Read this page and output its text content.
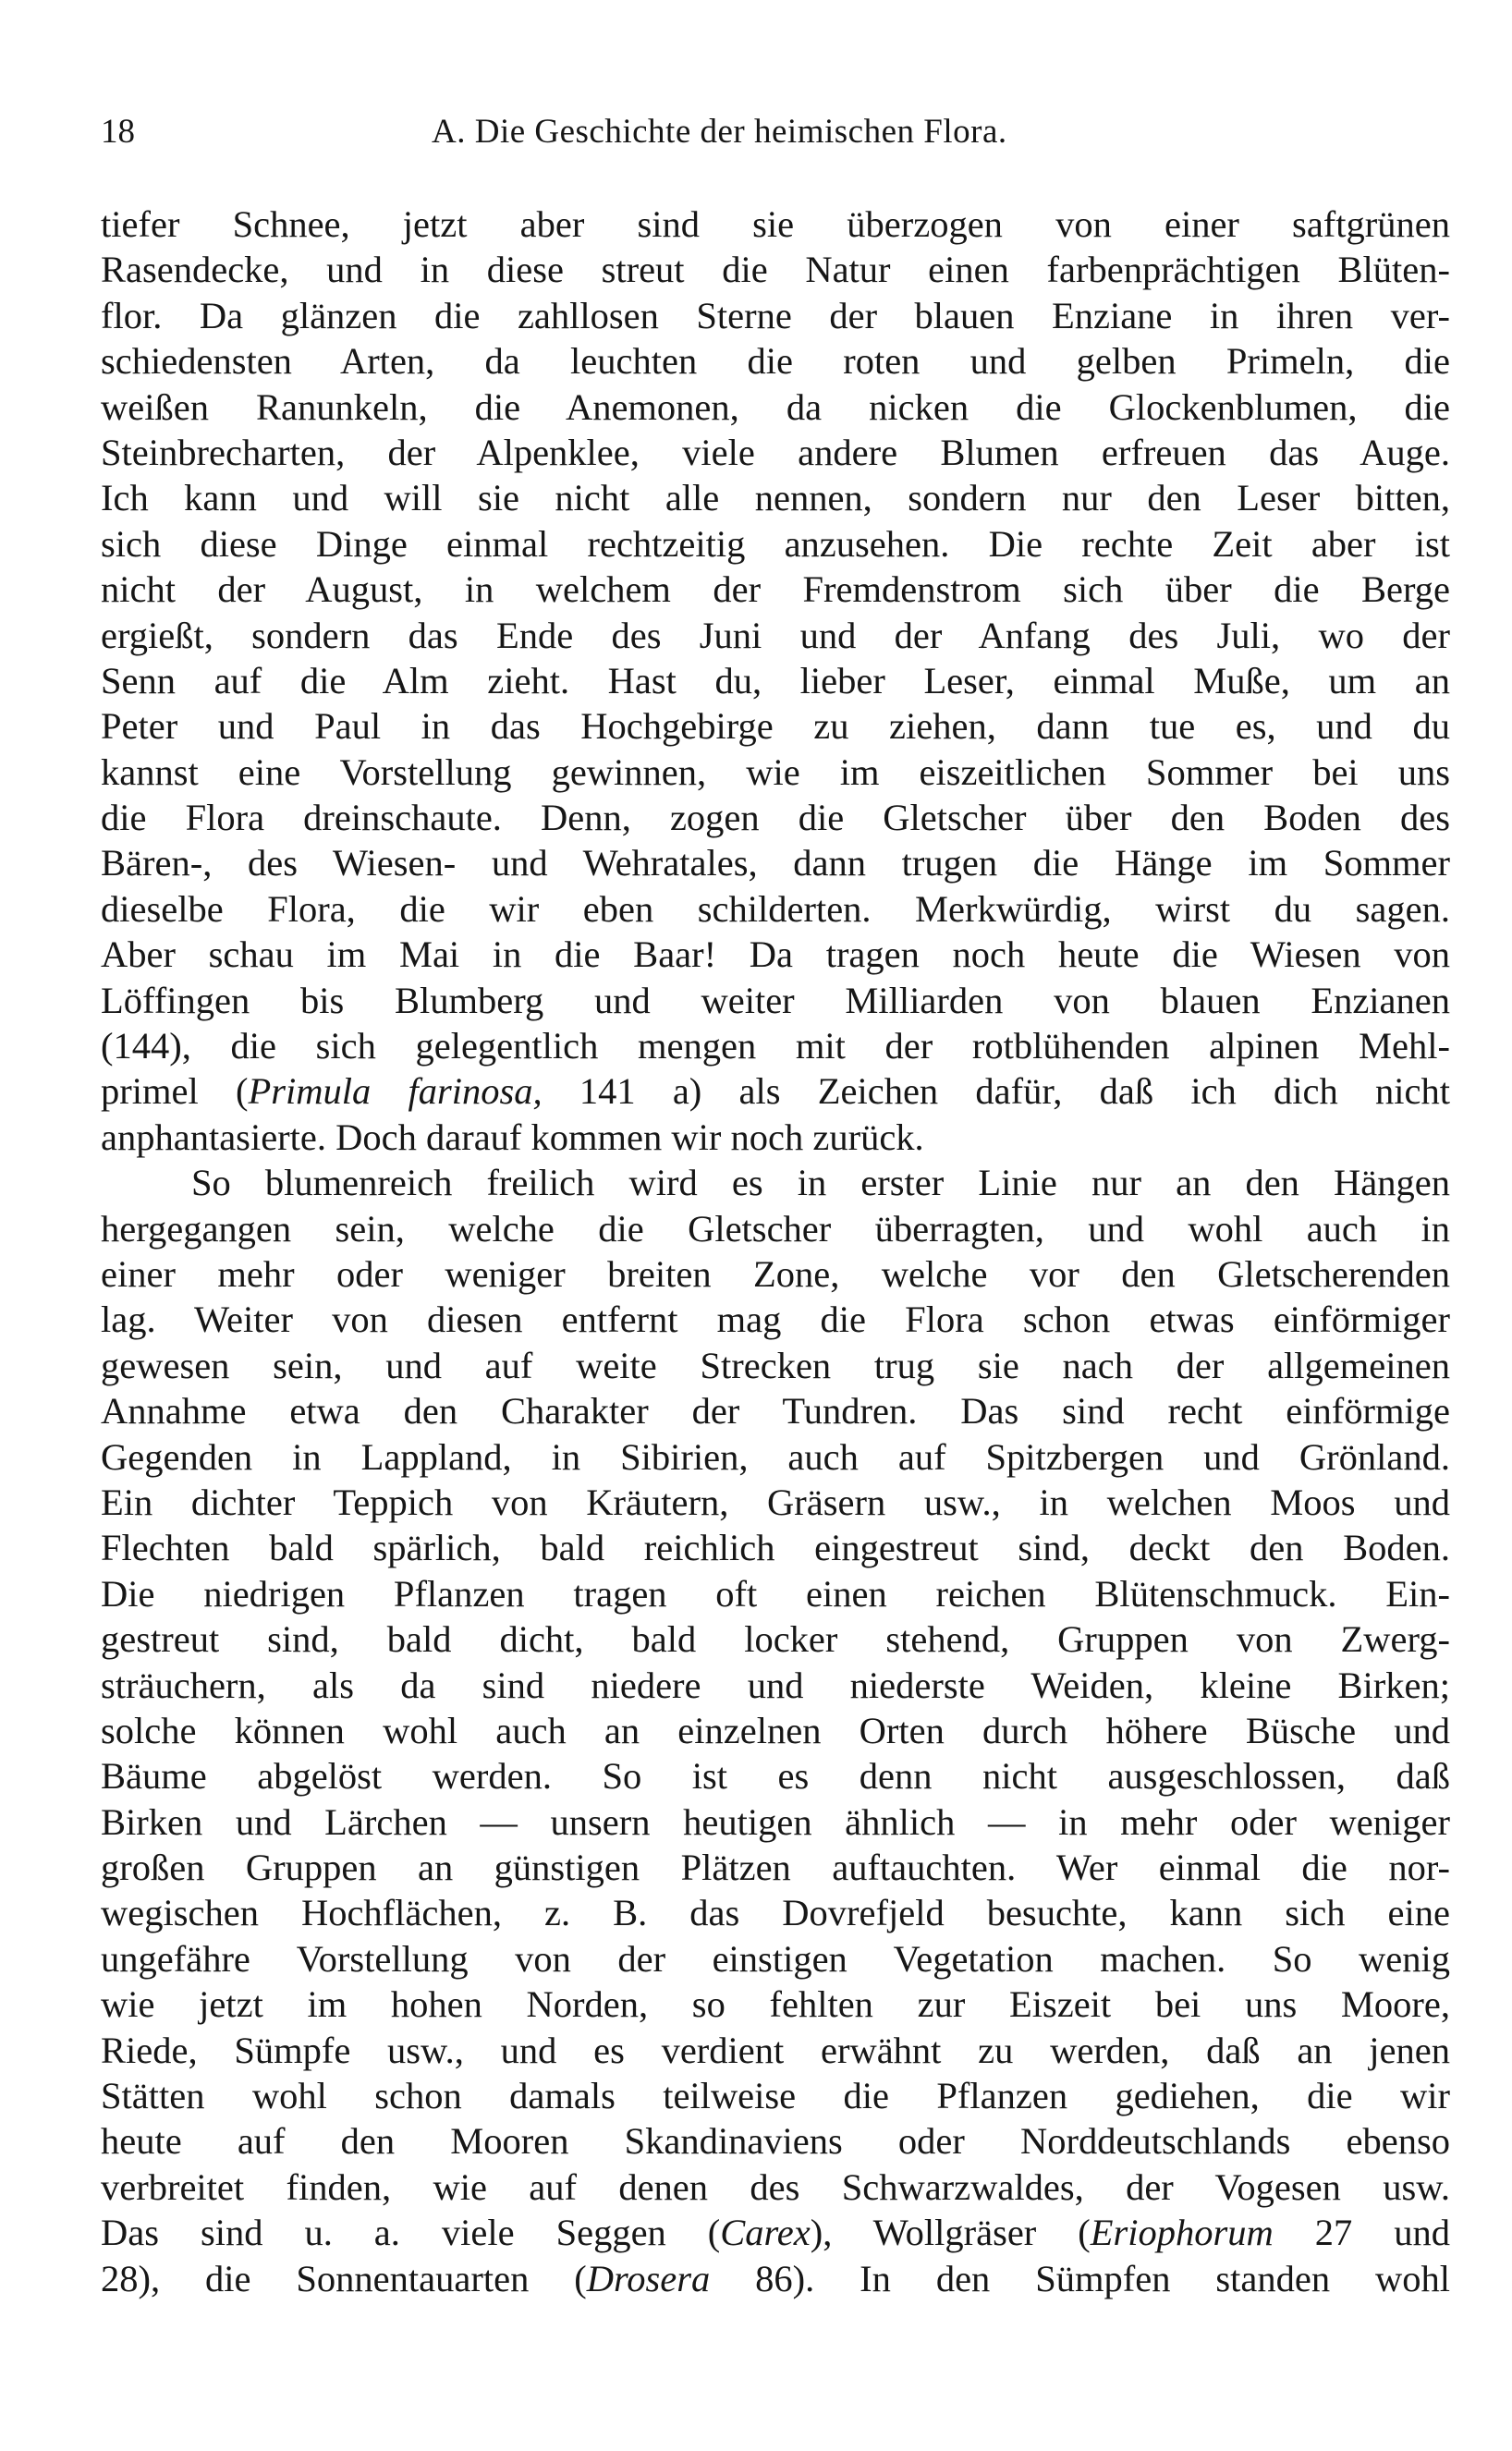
18	A. Die Geschichte der heimischen Flora.
tiefer Schnee, jetzt aber sind sie überzogen von einer saftgrünen
Rasendecke, und in diese streut die Natur einen farbenprächtigen Blüten-
flor. Da glänzen die zahllosen Sterne der blauen Enziane in ihren ver-
schiedensten Arten, da leuchten die roten und gelben Primeln, die
weißen Ranunkeln, die Anemonen, da nicken die Glockenblumen, die
Steinbrecharten, der Alpenklee, viele andere Blumen erfreuen das Auge.
Ich kann und will sie nicht alle nennen, sondern nur den Leser bitten,
sich diese Dinge einmal rechtzeitig anzusehen. Die rechte Zeit aber ist
nicht der August, in welchem der Fremdenstrom sich über die Berge
ergießt, sondern das Ende des Juni und der Anfang des Juli, wo der
Senn auf die Alm zieht. Hast du, lieber Leser, einmal Muße, um an
Peter und Paul in das Hochgebirge zu ziehen, dann tue es, und du
kannst eine Vorstellung gewinnen, wie im eiszeitlichen Sommer bei uns
die Flora dreinschaute. Denn, zogen die Gletscher über den Boden des
Bären-, des Wiesen- und Wehratales, dann trugen die Hänge im Sommer
dieselbe Flora, die wir eben schilderten. Merkwürdig, wirst du sagen.
Aber schau im Mai in die Baar! Da tragen noch heute die Wiesen von
Löffingen bis Blumberg und weiter Milliarden von blauen Enzianen
(144), die sich gelegentlich mengen mit der rotblühenden alpinen Mehl-
primel (Primula farinosa, 141 a) als Zeichen dafür, daß ich dich nicht
anphantasierte. Doch darauf kommen wir noch zurück.
So blumenreich freilich wird es in erster Linie nur an den Hängen
hergegangen sein, welche die Gletscher überragten, und wohl auch in
einer mehr oder weniger breiten Zone, welche vor den Gletscherenden
lag. Weiter von diesen entfernt mag die Flora schon etwas einförmiger
gewesen sein, und auf weite Strecken trug sie nach der allgemeinen
Annahme etwa den Charakter der Tundren. Das sind recht einförmige
Gegenden in Lappland, in Sibirien, auch auf Spitzbergen und Grönland.
Ein dichter Teppich von Kräutern, Gräsern usw., in welchen Moos und
Flechten bald spärlich, bald reichlich eingestreut sind, deckt den Boden.
Die niedrigen Pflanzen tragen oft einen reichen Blütenschmuck. Ein-
gestreut sind, bald dicht, bald locker stehend, Gruppen von Zwerg-
sträuchern, als da sind niedere und niederste Weiden, kleine Birken;
solche können wohl auch an einzelnen Orten durch höhere Büsche und
Bäume abgelöst werden. So ist es denn nicht ausgeschlossen, daß
Birken und Lärchen — unsern heutigen ähnlich — in mehr oder weniger
großen Gruppen an günstigen Plätzen auftauchten. Wer einmal die nor-
wegischen Hochflächen, z. B. das Dovrefjeld besuchte, kann sich eine
ungefähre Vorstellung von der einstigen Vegetation machen. So wenig
wie jetzt im hohen Norden, so fehlten zur Eiszeit bei uns Moore,
Riede, Sümpfe usw., und es verdient erwähnt zu werden, daß an jenen
Stätten wohl schon damals teilweise die Pflanzen gediehen, die wir
heute auf den Mooren Skandinaviens oder Norddeutschlands ebenso
verbreitet finden, wie auf denen des Schwarzwaldes, der Vogesen usw.
Das sind u. a. viele Seggen (Carex), Wollgräser (Eriophorum 27 und
28), die Sonnentauarten (Drosera 86). In den Sümpfen standen wohl
